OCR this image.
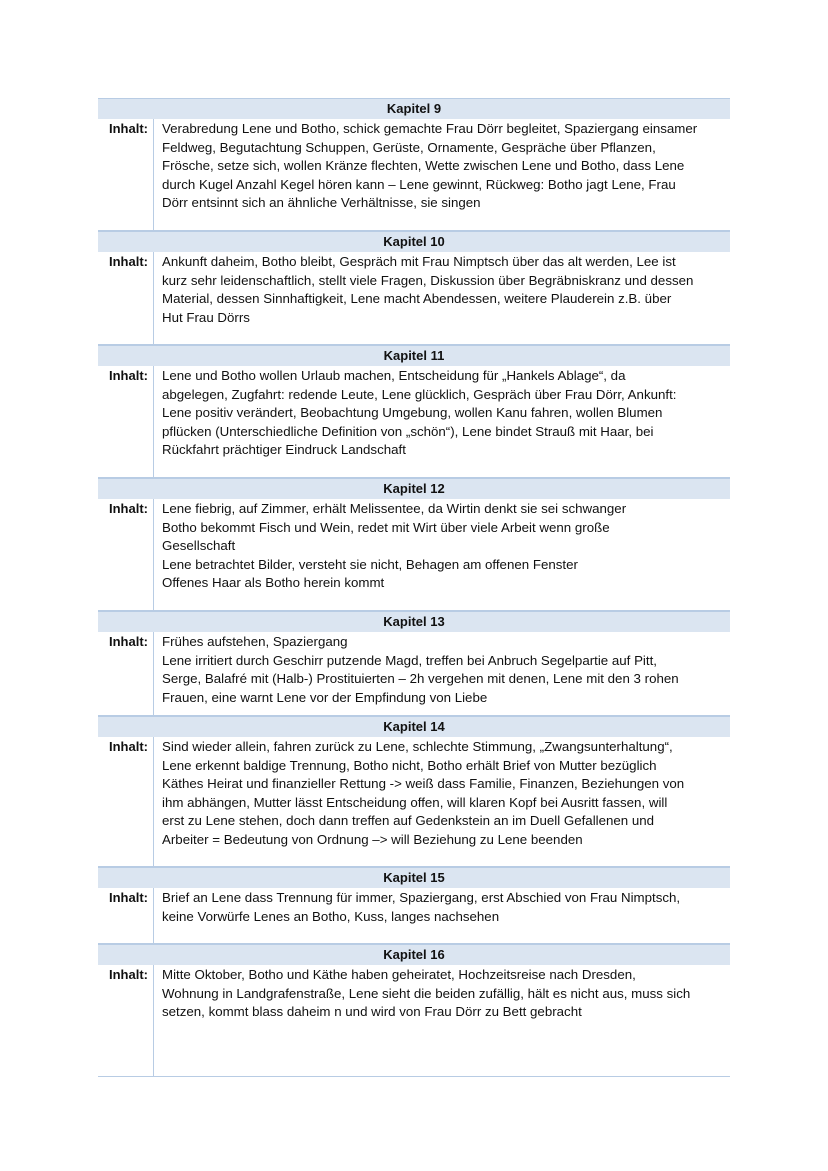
Kapitel 9
Inhalt:	Verabredung Lene und Botho, schick gemachte Frau Dörr begleitet, Spaziergang einsamer
Feldweg, Begutachtung Schuppen, Gerüste, Ornamente, Gespräche über Pflanzen,
Frösche, setze sich, wollen Kränze flechten, Wette zwischen Lene und Botho, dass Lene
durch Kugel Anzahl Kegel hören kann – Lene gewinnt, Rückweg: Botho jagt Lene, Frau
Dörr entsinnt sich an ähnliche Verhältnisse, sie singen
Kapitel 10
Inhalt:	Ankunft daheim, Botho bleibt, Gespräch mit Frau Nimptsch über das alt werden, Lee ist
kurz sehr leidenschaftlich, stellt viele Fragen, Diskussion über Begräbniskranz und dessen
Material, dessen Sinnhaftigkeit, Lene macht Abendessen, weitere Plauderein z.B. über
Hut Frau Dörrs
Kapitel 11
Inhalt:	Lene und Botho wollen Urlaub machen, Entscheidung für „Hankels Ablage“, da
abgelegen, Zugfahrt: redende Leute, Lene glücklich, Gespräch über Frau Dörr, Ankunft:
Lene positiv verändert, Beobachtung Umgebung, wollen Kanu fahren, wollen Blumen
pflücken (Unterschiedliche Definition von „schön“), Lene bindet Strauß mit Haar, bei
Rückfahrt prächtiger Eindruck Landschaft
Kapitel 12
Inhalt:	Lene fiebrig, auf Zimmer, erhält Melissentee, da Wirtin denkt sie sei schwanger
Botho bekommt Fisch und Wein, redet mit Wirt über viele Arbeit wenn große
Gesellschaft
Lene betrachtet Bilder, versteht sie nicht, Behagen am offenen Fenster
Offenes Haar als Botho herein kommt
Kapitel 13
Inhalt:	Frühes aufstehen, Spaziergang
Lene irritiert durch Geschirr putzende Magd, treffen bei Anbruch Segelpartie auf Pitt,
Serge, Balafré mit (Halb-) Prostituierten – 2h vergehen mit denen, Lene mit den 3 rohen
Frauen, eine warnt Lene vor der Empfindung von Liebe
Kapitel 14
Inhalt:	Sind wieder allein, fahren zurück zu Lene, schlechte Stimmung, „Zwangsunterhaltung“,
Lene erkennt baldige Trennung, Botho nicht, Botho erhält Brief von Mutter bezüglich
Käthes Heirat und finanzieller Rettung -> weiß dass Familie, Finanzen, Beziehungen von
ihm abhängen, Mutter lässt Entscheidung offen, will klaren Kopf bei Ausritt fassen, will
erst zu Lene stehen, doch dann treffen auf Gedenkstein an im Duell Gefallenen und
Arbeiter = Bedeutung von Ordnung –> will Beziehung zu Lene beenden
Kapitel 15
Inhalt:	Brief an Lene dass Trennung für immer, Spaziergang, erst Abschied von Frau Nimptsch,
keine Vorwürfe Lenes an Botho, Kuss, langes nachsehen
Kapitel 16
Inhalt:	Mitte Oktober, Botho und Käthe haben geheiratet, Hochzeitsreise nach Dresden,
Wohnung in Landgrafenstraße, Lene sieht die beiden zufällig, hält es nicht aus, muss sich
setzen, kommt blass daheim n und wird von Frau Dörr zu Bett gebracht
